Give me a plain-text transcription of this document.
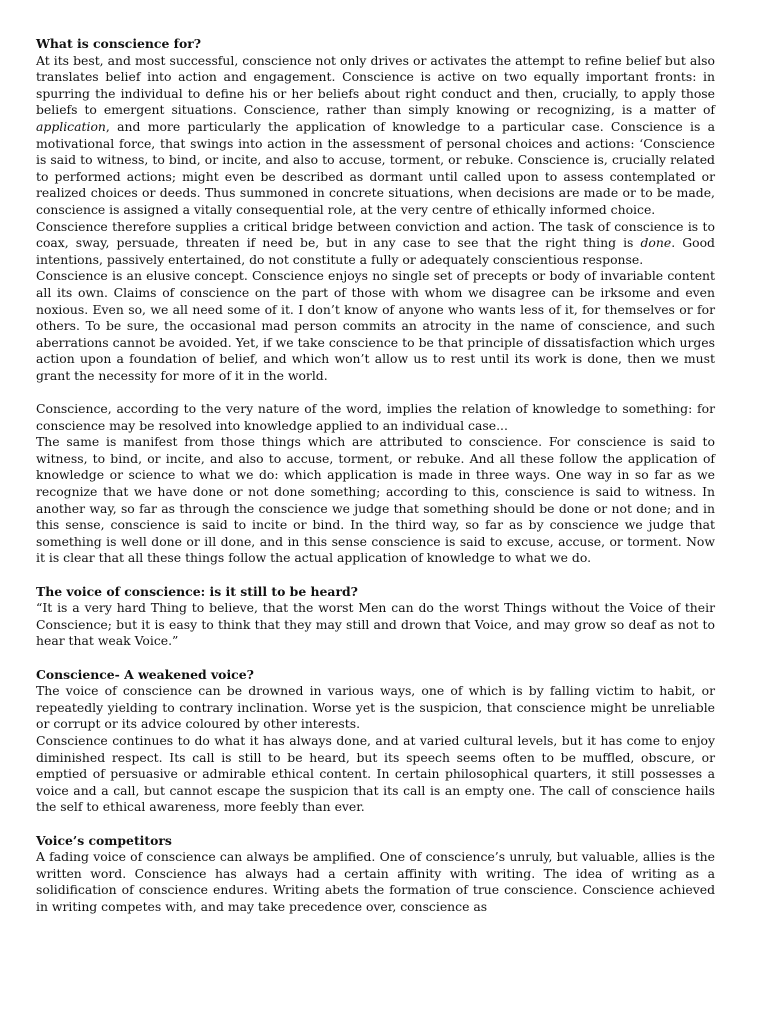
What is conscience for?

At its best, and most successful, conscience not only drives or activates the attempt to refine belief but also translates belief into action and engagement. Conscience is active on two equally important fronts: in spurring the individual to define his or her beliefs about right conduct and then, crucially, to apply those beliefs to emergent situations. Conscience, rather than simply knowing or recognizing, is a matter of application, and more particularly the application of knowledge to a particular case. Conscience is a motivational force, that swings into action in the assessment of personal choices and actions: ‘Conscience is said to witness, to bind, or incite, and also to accuse, torment, or rebuke. Conscience is, crucially related to performed actions; might even be described as dormant until called upon to assess contemplated or realized choices or deeds. Thus summoned in concrete situations, when decisions are made or to be made, conscience is assigned a vitally consequential role, at the very centre of ethically informed choice.

Conscience therefore supplies a critical bridge between conviction and action. The task of conscience is to coax, sway, persuade, threaten if need be, but in any case to see that the right thing is done. Good intentions, passively entertained, do not constitute a fully or adequately conscientious response.

Conscience is an elusive concept. Conscience enjoys no single set of precepts or body of invariable content all its own. Claims of conscience on the part of those with whom we disagree can be irksome and even noxious. Even so, we all need some of it. I don’t know of anyone who wants less of it, for themselves or for others. To be sure, the occasional mad person commits an atrocity in the name of conscience, and such aberrations cannot be avoided. Yet, if we take conscience to be that principle of dissatisfaction which urges action upon a foundation of belief, and which won’t allow us to rest until its work is done, then we must grant the necessity for more of it in the world.

Conscience, according to the very nature of the word, implies the relation of knowledge to something: for conscience may be resolved into knowledge applied to an individual case...

The same is manifest from those things which are attributed to conscience. For conscience is said to witness, to bind, or incite, and also to accuse, torment, or rebuke. And all these follow the application of knowledge or science to what we do: which application is made in three ways. One way in so far as we recognize that we have done or not done something; according to this, conscience is said to witness. In another way, so far as through the conscience we judge that something should be done or not done; and in this sense, conscience is said to incite or bind. In the third way, so far as by conscience we judge that something is well done or ill done, and in this sense conscience is said to excuse, accuse, or torment. Now it is clear that all these things follow the actual application of knowledge to what we do.

The voice of conscience: is it still to be heard?

“It is a very hard Thing to believe, that the worst Men can do the worst Things without the Voice of their Conscience; but it is easy to think that they may still and drown that Voice, and may grow so deaf as not to hear that weak Voice.”

Conscience- A weakened voice?

The voice of conscience can be drowned in various ways, one of which is by falling victim to habit, or repeatedly yielding to contrary inclination. Worse yet is the suspicion, that conscience might be unreliable or corrupt or its advice coloured by other interests.

Conscience continues to do what it has always done, and at varied cultural levels, but it has come to enjoy diminished respect. Its call is still to be heard, but its speech seems often to be muffled, obscure, or emptied of persuasive or admirable ethical content. In certain philosophical quarters, it still possesses a voice and a call, but cannot escape the suspicion that its call is an empty one. The call of conscience hails the self to ethical awareness, more feebly than ever.

Voice’s competitors

A fading voice of conscience can always be amplified. One of conscience’s unruly, but valuable, allies is the written word. Conscience has always had a certain affinity with writing. The idea of writing as a solidification of conscience endures. Writing abets the formation of true conscience. Conscience achieved in writing competes with, and may take precedence over, conscience as
